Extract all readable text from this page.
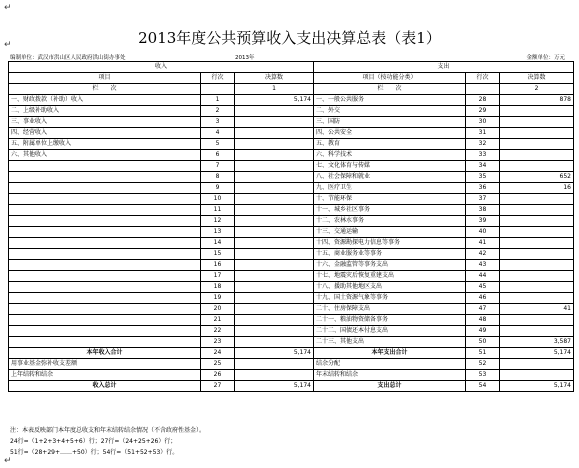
↵
2013年度公共预算收入支出决算总表（表1）
↵
编制单位：武汉市洪山区人民政府洪山街办事处	2013年	金额单位：万元
收入			支出		
项目	行次	决算数	项目（按功能分类）	行次	决算数
栏　　次		1	栏　　次		2
一、财政拨款（补助）收入	1	5,174	一、一般公共服务	28	878
二、上级补助收入	2		二、外交	29	
三、事业收入	3		三、国防	30	
四、经营收入	4		四、公共安全	31	
五、附属单位上缴收入	5		五、教育	32	
六、其他收入	6		六、科学技术	33	
	7		七、文化体育与传媒	34	
	8		八、社会保障和就业	35	652
	9		九、医疗卫生	36	16
	10		十、节能环保	37	
	11		十一、城乡社区事务	38	
	12		十二、农林水事务	39	
	13		十三、交通运输	40	
	14		十四、资源勘探电力信息等事务	41	
	15		十五、商业服务业等事务	42	
	16		十六、金融监管等事务支出	43	
	17		十七、地震灾后恢复重建支出	44	
	18		十八、援助其他地区支出	45	
	19		十九、国土资源气象等事务	46	
	20		二十、住房保障支出	47	41
	21		二十一、粮油物资储备事务	48	
	22		二十二、国债还本付息支出	49	
	23		二十三、其他支出	50	3,587
本年收入合计	24	5,174	本年支出合计	51	5,174
用事业基金弥补收支差额	25		结余分配	52	
上年结转和结余	26		年末结转和结余	53	
收入总计	27	5,174	支出总计	54	5,174
注：本表反映部门本年度总收支和年末结转结余情况（不含政府性基金）。
24行=（1+2+3+4+5+6）行；27行=（24+25+26）行；
51行=（28+29+……+50）行；54行=（51+52+53）行。
↵
